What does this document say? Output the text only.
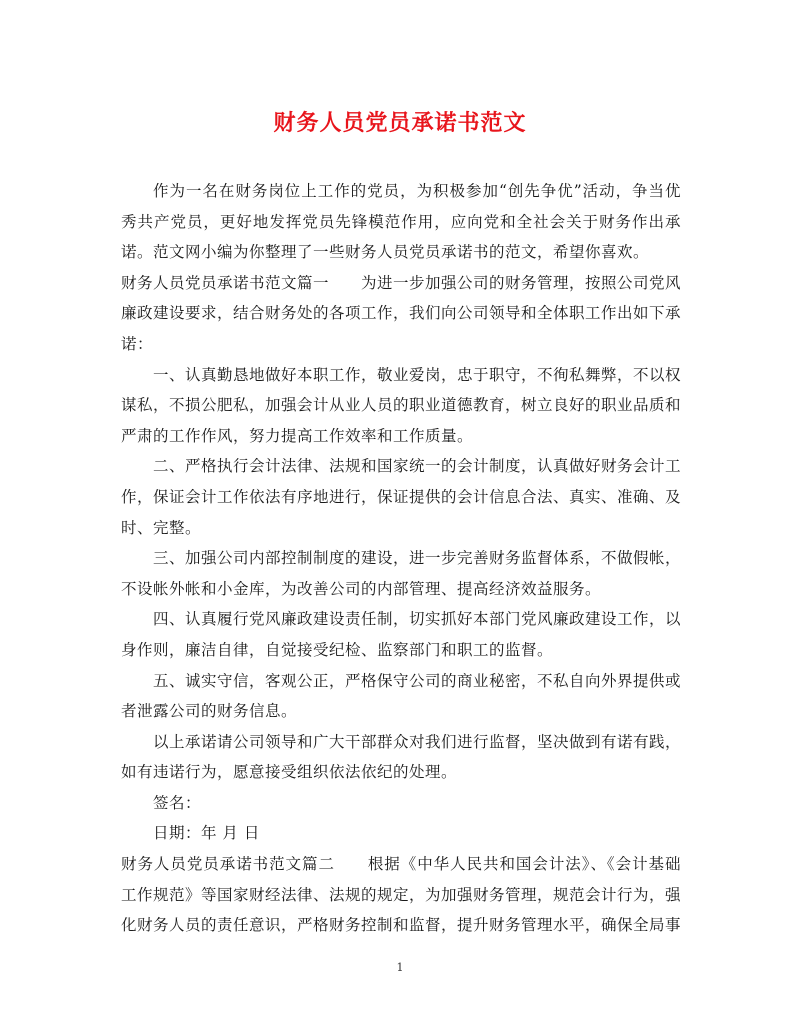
财务人员党员承诺书范文

作为一名在财务岗位上工作的党员，为积极参加“创先争优”活动，争当优秀共产党员，更好地发挥党员先锋模范作用，应向党和全社会关于财务作出承诺。范文网小编为你整理了一些财务人员党员承诺书的范文，希望你喜欢。

财务人员党员承诺书范文篇一　　为进一步加强公司的财务管理，按照公司党风廉政建设要求，结合财务处的各项工作，我们向公司领导和全体职工作出如下承诺：

一、认真勤恳地做好本职工作，敬业爱岗，忠于职守，不徇私舞弊，不以权谋私，不损公肥私，加强会计从业人员的职业道德教育，树立良好的职业品质和严肃的工作作风，努力提高工作效率和工作质量。

二、严格执行会计法律、法规和国家统一的会计制度，认真做好财务会计工作，保证会计工作依法有序地进行，保证提供的会计信息合法、真实、准确、及时、完整。

三、加强公司内部控制制度的建设，进一步完善财务监督体系，不做假帐，不设帐外帐和小金库，为改善公司的内部管理、提高经济效益服务。

四、认真履行党风廉政建设责任制，切实抓好本部门党风廉政建设工作，以身作则，廉洁自律，自觉接受纪检、监察部门和职工的监督。

五、诚实守信，客观公正，严格保守公司的商业秘密，不私自向外界提供或者泄露公司的财务信息。

以上承诺请公司领导和广大干部群众对我们进行监督，坚决做到有诺有践，如有违诺行为，愿意接受组织依法依纪的处理。

签名：

日期：年 月 日

财务人员党员承诺书范文篇二　　根据《中华人民共和国会计法》、《会计基础工作规范》等国家财经法律、法规的规定，为加强财务管理，规范会计行为，强化财务人员的责任意识，严格财务控制和监督，提升财务管理水平，确保全局事

1
